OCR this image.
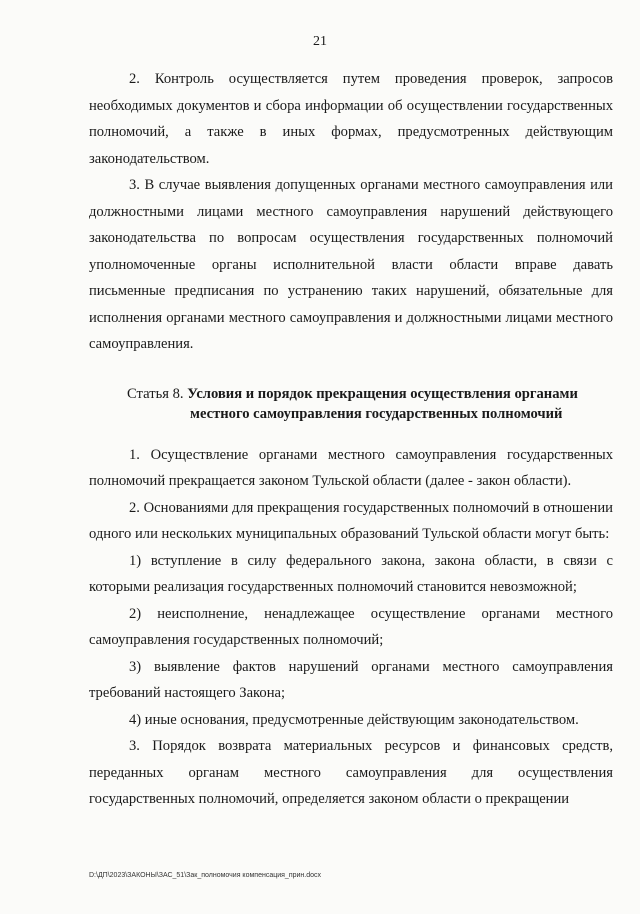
21

2. Контроль осуществляется путем проведения проверок, запросов необходимых документов и сбора информации об осуществлении государственных полномочий, а также в иных формах, предусмотренных действующим законодательством.

3. В случае выявления допущенных органами местного самоуправления или должностными лицами местного самоуправления нарушений действующего законодательства по вопросам осуществления государственных полномочий уполномоченные органы исполнительной власти области вправе давать письменные предписания по устранению таких нарушений, обязательные для исполнения органами местного самоуправления и должностными лицами местного самоуправления.

Статья 8. Условия и порядок прекращения осуществления органами
местного самоуправления государственных полномочий

1. Осуществление органами местного самоуправления государственных полномочий прекращается законом Тульской области (далее - закон области).

2. Основаниями для прекращения государственных полномочий в отношении одного или нескольких муниципальных образований Тульской области могут быть:

1) вступление в силу федерального закона, закона области, в связи с которыми реализация государственных полномочий становится невозможной;

2) неисполнение, ненадлежащее осуществление органами местного самоуправления государственных полномочий;

3) выявление фактов нарушений органами местного самоуправления требований настоящего Закона;

4) иные основания, предусмотренные действующим законодательством.

3. Порядок возврата материальных ресурсов и финансовых средств, переданных органам местного самоуправления для осуществления государственных полномочий, определяется законом области о прекращении

D:\ДП\2023\ЗАКОНЫ\ЗАС_51\Зак_полномочия компенсация_прин.docx
